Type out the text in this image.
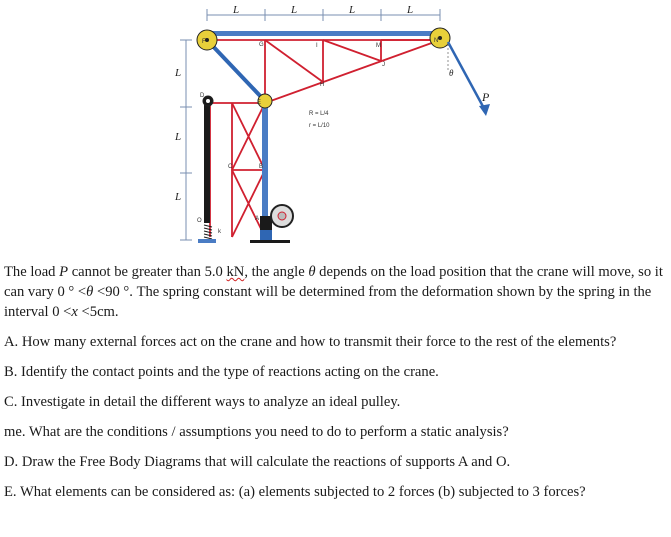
L	L	L	L
L
L
L
θ
P
F	G	I	M
N
H
J
D
E
C	B
A
O
k
R = L/4
r = L/10

The load P cannot be greater than 5.0 kN, the angle θ depends on the load position that the crane will move, so it can vary 0 ° <θ <90 °. The spring constant will be determined from the deformation shown by the spring in the interval 0 <x <5cm.

A. How many external forces act on the crane and how to transmit their force to the rest of the elements?

B. Identify the contact points and the type of reactions acting on the crane.

C. Investigate in detail the different ways to analyze an ideal pulley.

me. What are the conditions / assumptions you need to do to perform a static analysis?

D. Draw the Free Body Diagrams that will calculate the reactions of supports A and O.

E. What elements can be considered as: (a) elements subjected to 2 forces (b) subjected to 3 forces?
